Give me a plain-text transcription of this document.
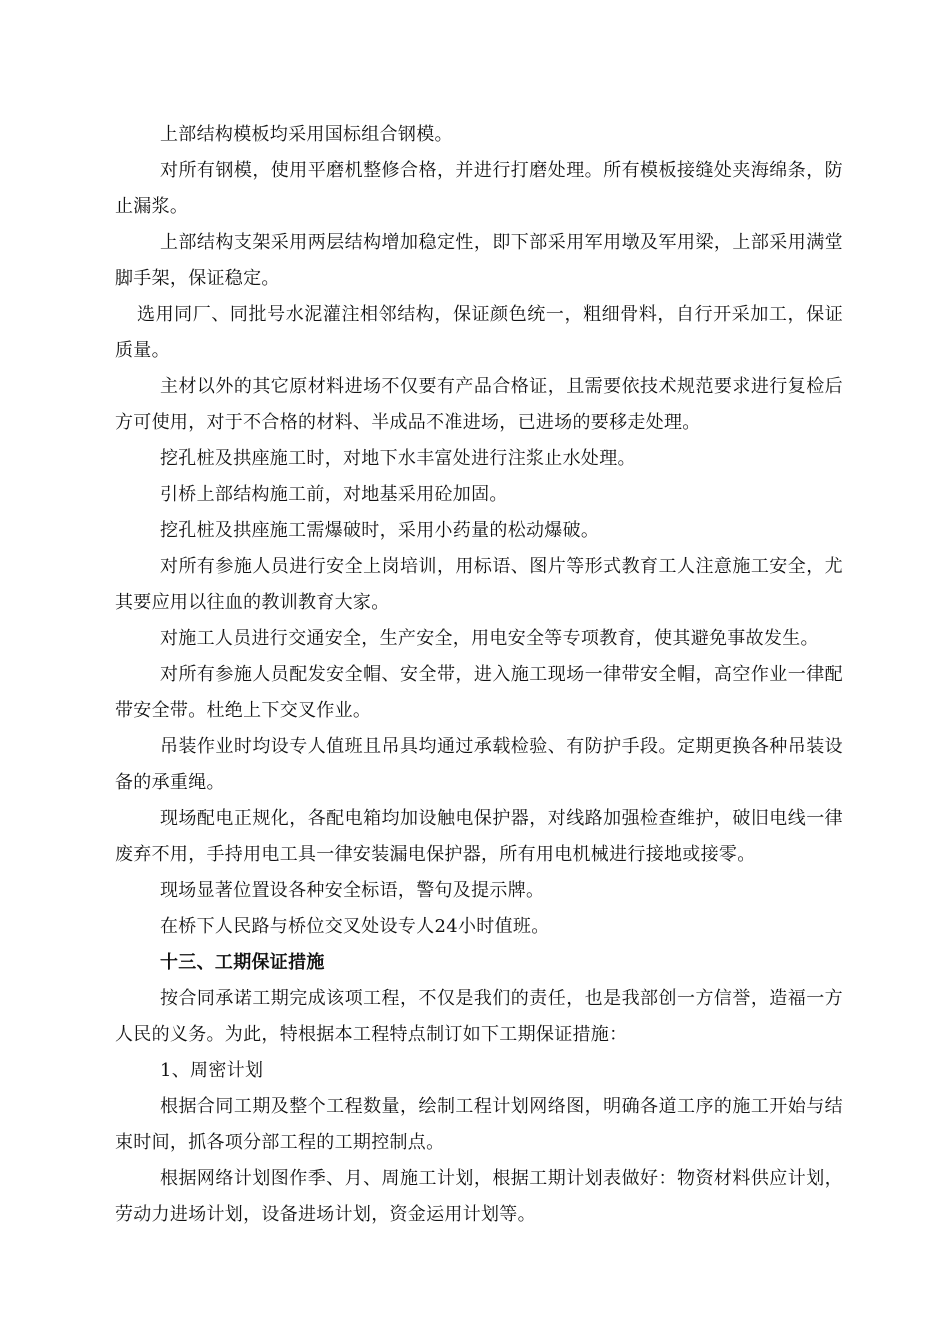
上部结构模板均采用国标组合钢模。

对所有钢模，使用平磨机整修合格，并进行打磨处理。所有模板接缝处夹海绵条，防止漏浆。

上部结构支架采用两层结构增加稳定性，即下部采用军用墩及军用梁，上部采用满堂脚手架，保证稳定。

选用同厂、同批号水泥灌注相邻结构，保证颜色统一，粗细骨料，自行开采加工，保证质量。

主材以外的其它原材料进场不仅要有产品合格证，且需要依技术规范要求进行复检后方可使用，对于不合格的材料、半成品不准进场，已进场的要移走处理。

挖孔桩及拱座施工时，对地下水丰富处进行注浆止水处理。

引桥上部结构施工前，对地基采用砼加固。

挖孔桩及拱座施工需爆破时，采用小药量的松动爆破。

对所有参施人员进行安全上岗培训，用标语、图片等形式教育工人注意施工安全，尤其要应用以往血的教训教育大家。

对施工人员进行交通安全，生产安全，用电安全等专项教育，使其避免事故发生。

对所有参施人员配发安全帽、安全带，进入施工现场一律带安全帽，高空作业一律配带安全带。杜绝上下交叉作业。

吊装作业时均设专人值班且吊具均通过承载检验、有防护手段。定期更换各种吊装设备的承重绳。

现场配电正规化，各配电箱均加设触电保护器，对线路加强检查维护，破旧电线一律废弃不用，手持用电工具一律安装漏电保护器，所有用电机械进行接地或接零。

现场显著位置设各种安全标语，警句及提示牌。

在桥下人民路与桥位交叉处设专人24小时值班。

十三、工期保证措施

按合同承诺工期完成该项工程，不仅是我们的责任，也是我部创一方信誉，造福一方人民的义务。为此，特根据本工程特点制订如下工期保证措施：

1、周密计划

根据合同工期及整个工程数量，绘制工程计划网络图，明确各道工序的施工开始与结束时间，抓各项分部工程的工期控制点。

根据网络计划图作季、月、周施工计划，根据工期计划表做好：物资材料供应计划，劳动力进场计划，设备进场计划，资金运用计划等。
